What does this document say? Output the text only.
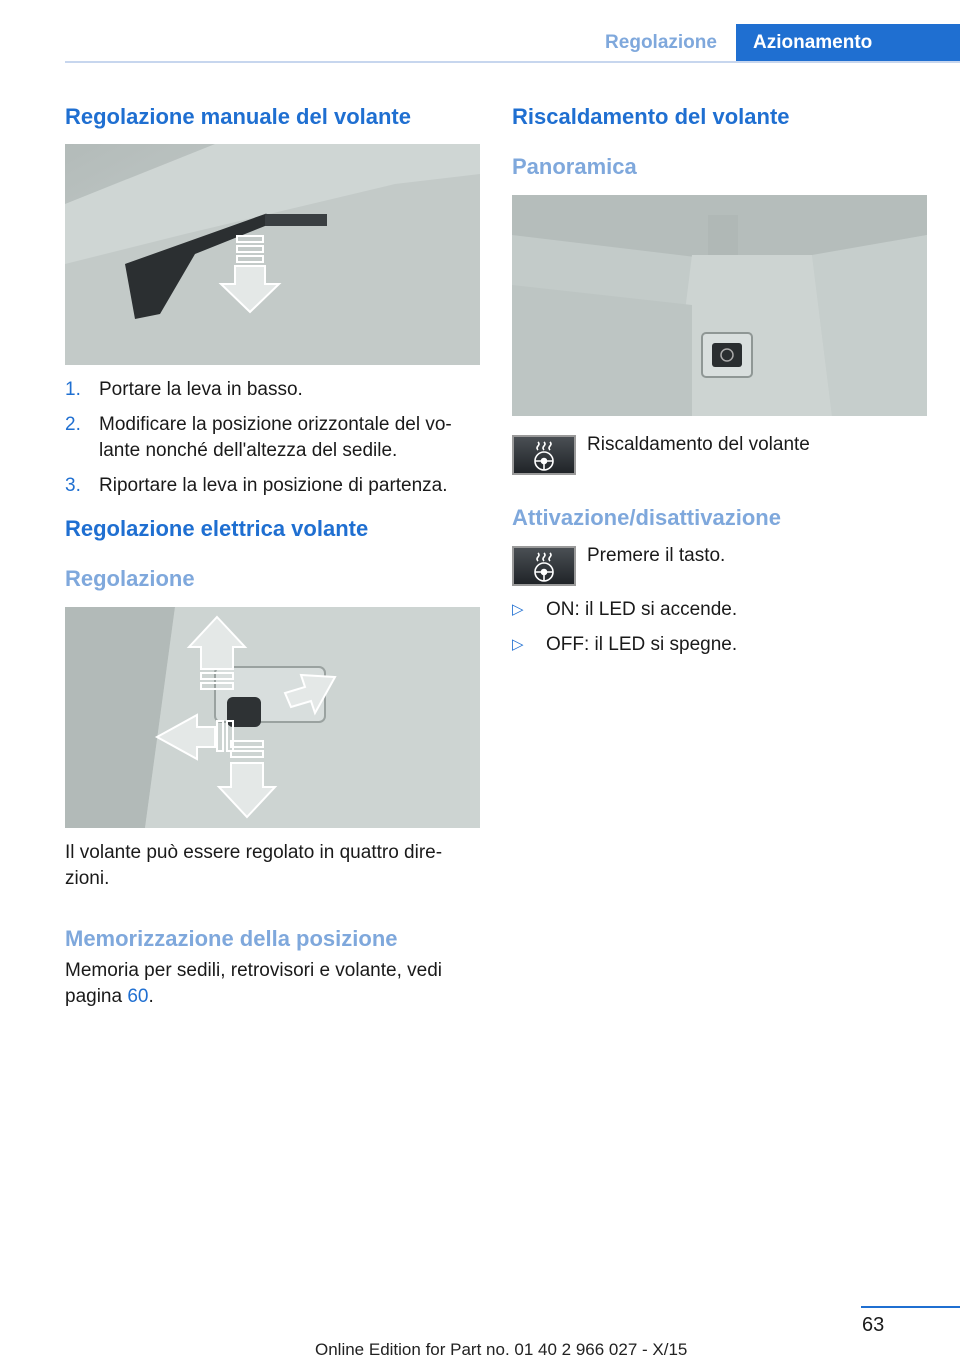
Regolazione	Azionamento
Regolazione manuale del volante
1. Portare la leva in basso.
2. Modificare la posizione orizzontale del vo‐ lante nonché dell'altezza del sedile.
3. Riportare la leva in posizione di partenza.
Regolazione elettrica volante
Regolazione

Il volante può essere regolato in quattro dire‐ zioni.

Memorizzazione della posizione

Memoria per sedili, retrovisori e volante, vedi pagina 60.

Riscaldamento del volante
Panoramica
Riscaldamento del volante
Attivazione/disattivazione
Premere il tasto.
▷ ON: il LED si accende.
▷ OFF: il LED si spegne.
63
Online Edition for Part no. 01 40 2 966 027 - X/15
